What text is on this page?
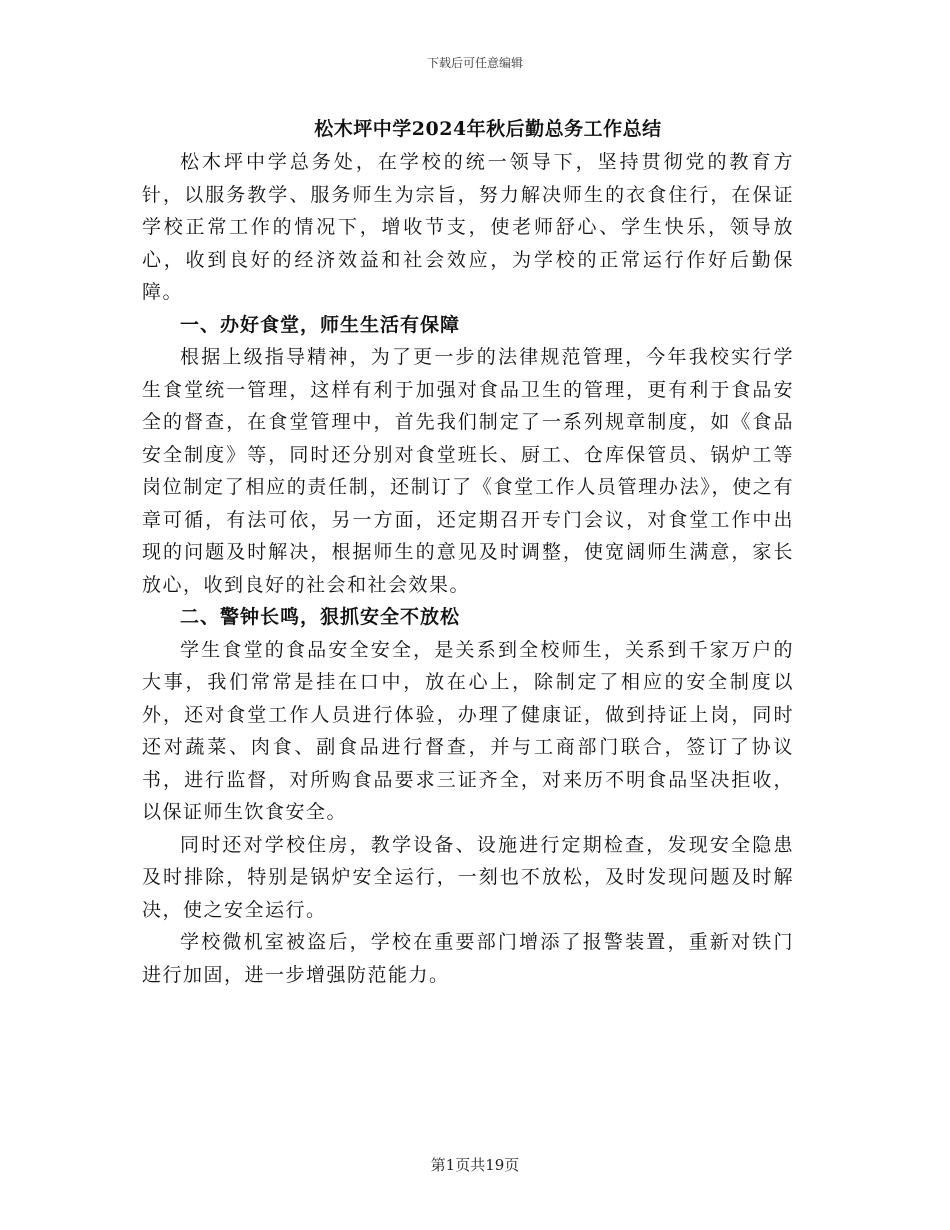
下载后可任意编辑
松木坪中学2024年秋后勤总务工作总结

松木坪中学总务处，在学校的统一领导下，坚持贯彻党的教育方针，以服务教学、服务师生为宗旨，努力解决师生的衣食住行，在保证学校正常工作的情况下，增收节支，使老师舒心、学生快乐，领导放心，收到良好的经济效益和社会效应，为学校的正常运行作好后勤保障。

一、办好食堂，师生生活有保障

根据上级指导精神，为了更一步的法律规范管理，今年我校实行学生食堂统一管理，这样有利于加强对食品卫生的管理，更有利于食品安全的督查，在食堂管理中，首先我们制定了一系列规章制度，如《食品安全制度》等，同时还分别对食堂班长、厨工、仓库保管员、锅炉工等岗位制定了相应的责任制，还制订了《食堂工作人员管理办法》，使之有章可循，有法可依，另一方面，还定期召开专门会议，对食堂工作中出现的问题及时解决，根据师生的意见及时调整，使宽阔师生满意，家长放心，收到良好的社会和社会效果。

二、警钟长鸣，狠抓安全不放松

学生食堂的食品安全安全，是关系到全校师生，关系到千家万户的大事，我们常常是挂在口中，放在心上，除制定了相应的安全制度以外，还对食堂工作人员进行体验，办理了健康证，做到持证上岗，同时还对蔬菜、肉食、副食品进行督查，并与工商部门联合，签订了协议书，进行监督，对所购食品要求三证齐全，对来历不明食品坚决拒收，以保证师生饮食安全。

同时还对学校住房，教学设备、设施进行定期检查，发现安全隐患及时排除，特别是锅炉安全运行，一刻也不放松，及时发现问题及时解决，使之安全运行。

学校微机室被盗后，学校在重要部门增添了报警装置，重新对铁门进行加固，进一步增强防范能力。

第1页共19页
